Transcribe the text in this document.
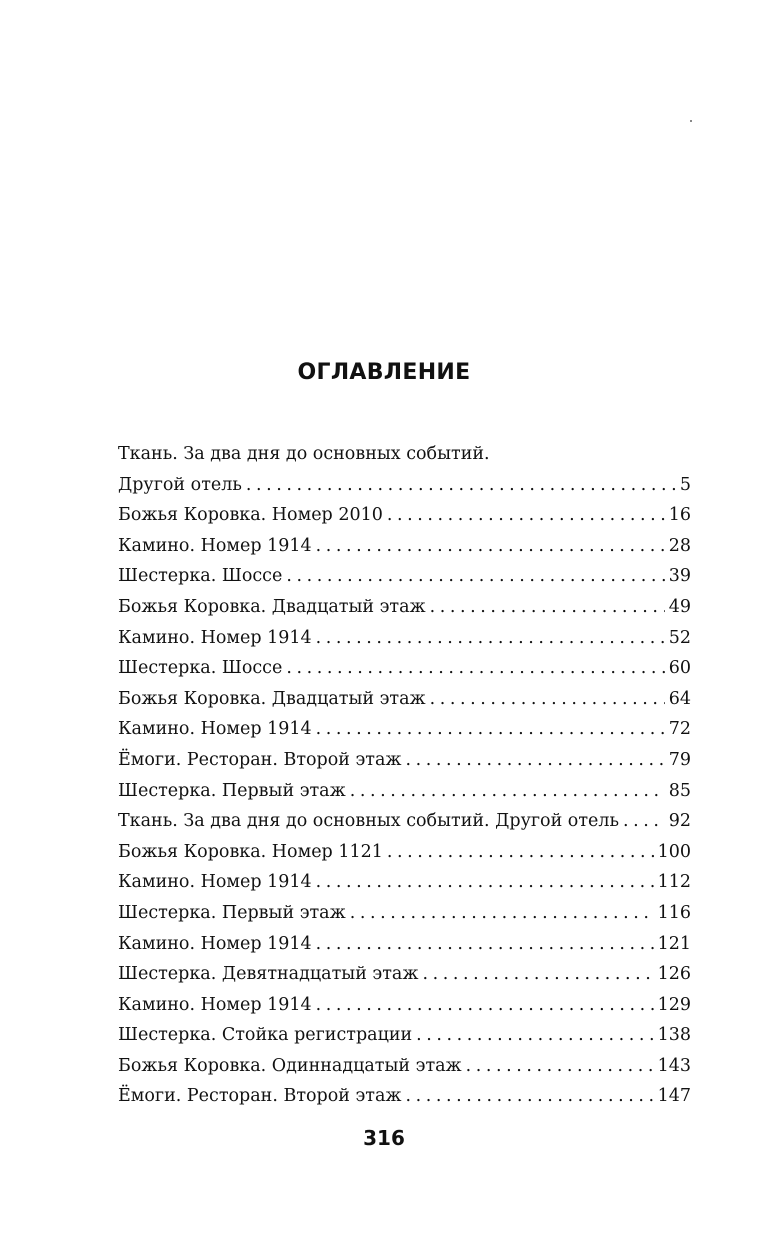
ОГЛАВЛЕНИЕ
Ткань. За два дня до основных событий.
Другой отель . . .	5
Божья Коровка. Номер 2010 . . .	16
Камино. Номер 1914 . . .	28
Шестерка. Шоссе . . .	39
Божья Коровка. Двадцатый этаж . . .	49
Камино. Номер 1914 . . .	52
Шестерка. Шоссе . . .	60
Божья Коровка. Двадцатый этаж . . .	64
Камино. Номер 1914 . . .	72
Ёмоги. Ресторан. Второй этаж . . .	79
Шестерка. Первый этаж . . .	85
Ткань. За два дня до основных событий. Другой отель . . .	92
Божья Коровка. Номер 1121 . . .	100
Камино. Номер 1914 . . .	112
Шестерка. Первый этаж . . .	116
Камино. Номер 1914 . . .	121
Шестерка. Девятнадцатый этаж . . .	126
Камино. Номер 1914 . . .	129
Шестерка. Стойка регистрации . . .	138
Божья Коровка. Одиннадцатый этаж . . .	143
Ёмоги. Ресторан. Второй этаж . . .	147
316
